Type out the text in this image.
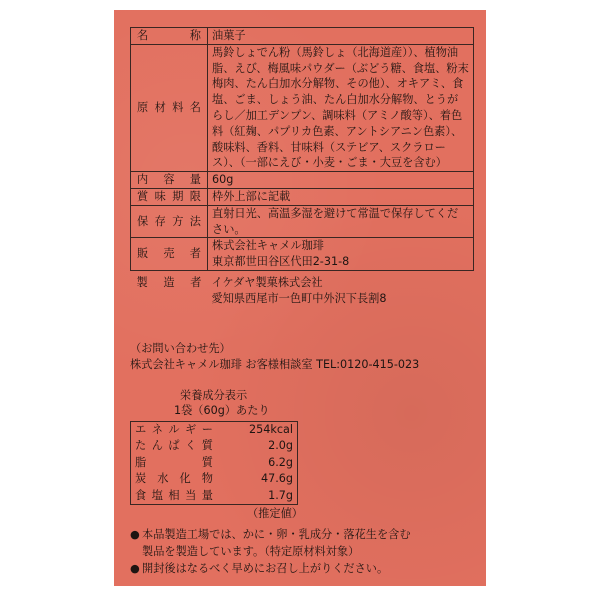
名　称	油菓子

原材料名	馬鈴しょでん粉（馬鈴しょ（北海道産））、植物油脂、えび、梅風味パウダー（ぶどう糖、食塩、粉末梅肉、たん白加水分解物、その他）、オキアミ、食塩、ごま、しょう油、たん白加水分解物、とうがらし／加工デンプン、調味料（アミノ酸等）、着色料（紅麹、パプリカ色素、アントシアニン色素）、酸味料、香料、甘味料（ステビア、スクラロース）、（一部にえび・小麦・ごま・大豆を含む）

内容量	60g

賞味期限	枠外上部に記載

保存方法	直射日光、高温多湿を避けて常温で保存してください。

販売者	株式会社キャメル珈琲
東京都世田谷区代田2-31-8

製造者	イケダヤ製菓株式会社
愛知県西尾市一色町中外沢下長割8
（お問い合わせ先）
株式会社キャメル珈琲 お客様相談室 TEL:0120-415-023
栄養成分表示
1袋（60g）あたり
エネルギー	254kcal

たんぱく質	2.0g

脂　質	6.2g

炭水化物	47.6g

食塩相当量	1.7g
（推定値）
● 本品製造工場では、かに・卵・乳成分・落花生を含む
製品を製造しています。（特定原材料対象）
● 開封後はなるべく早めにお召し上がりください。
